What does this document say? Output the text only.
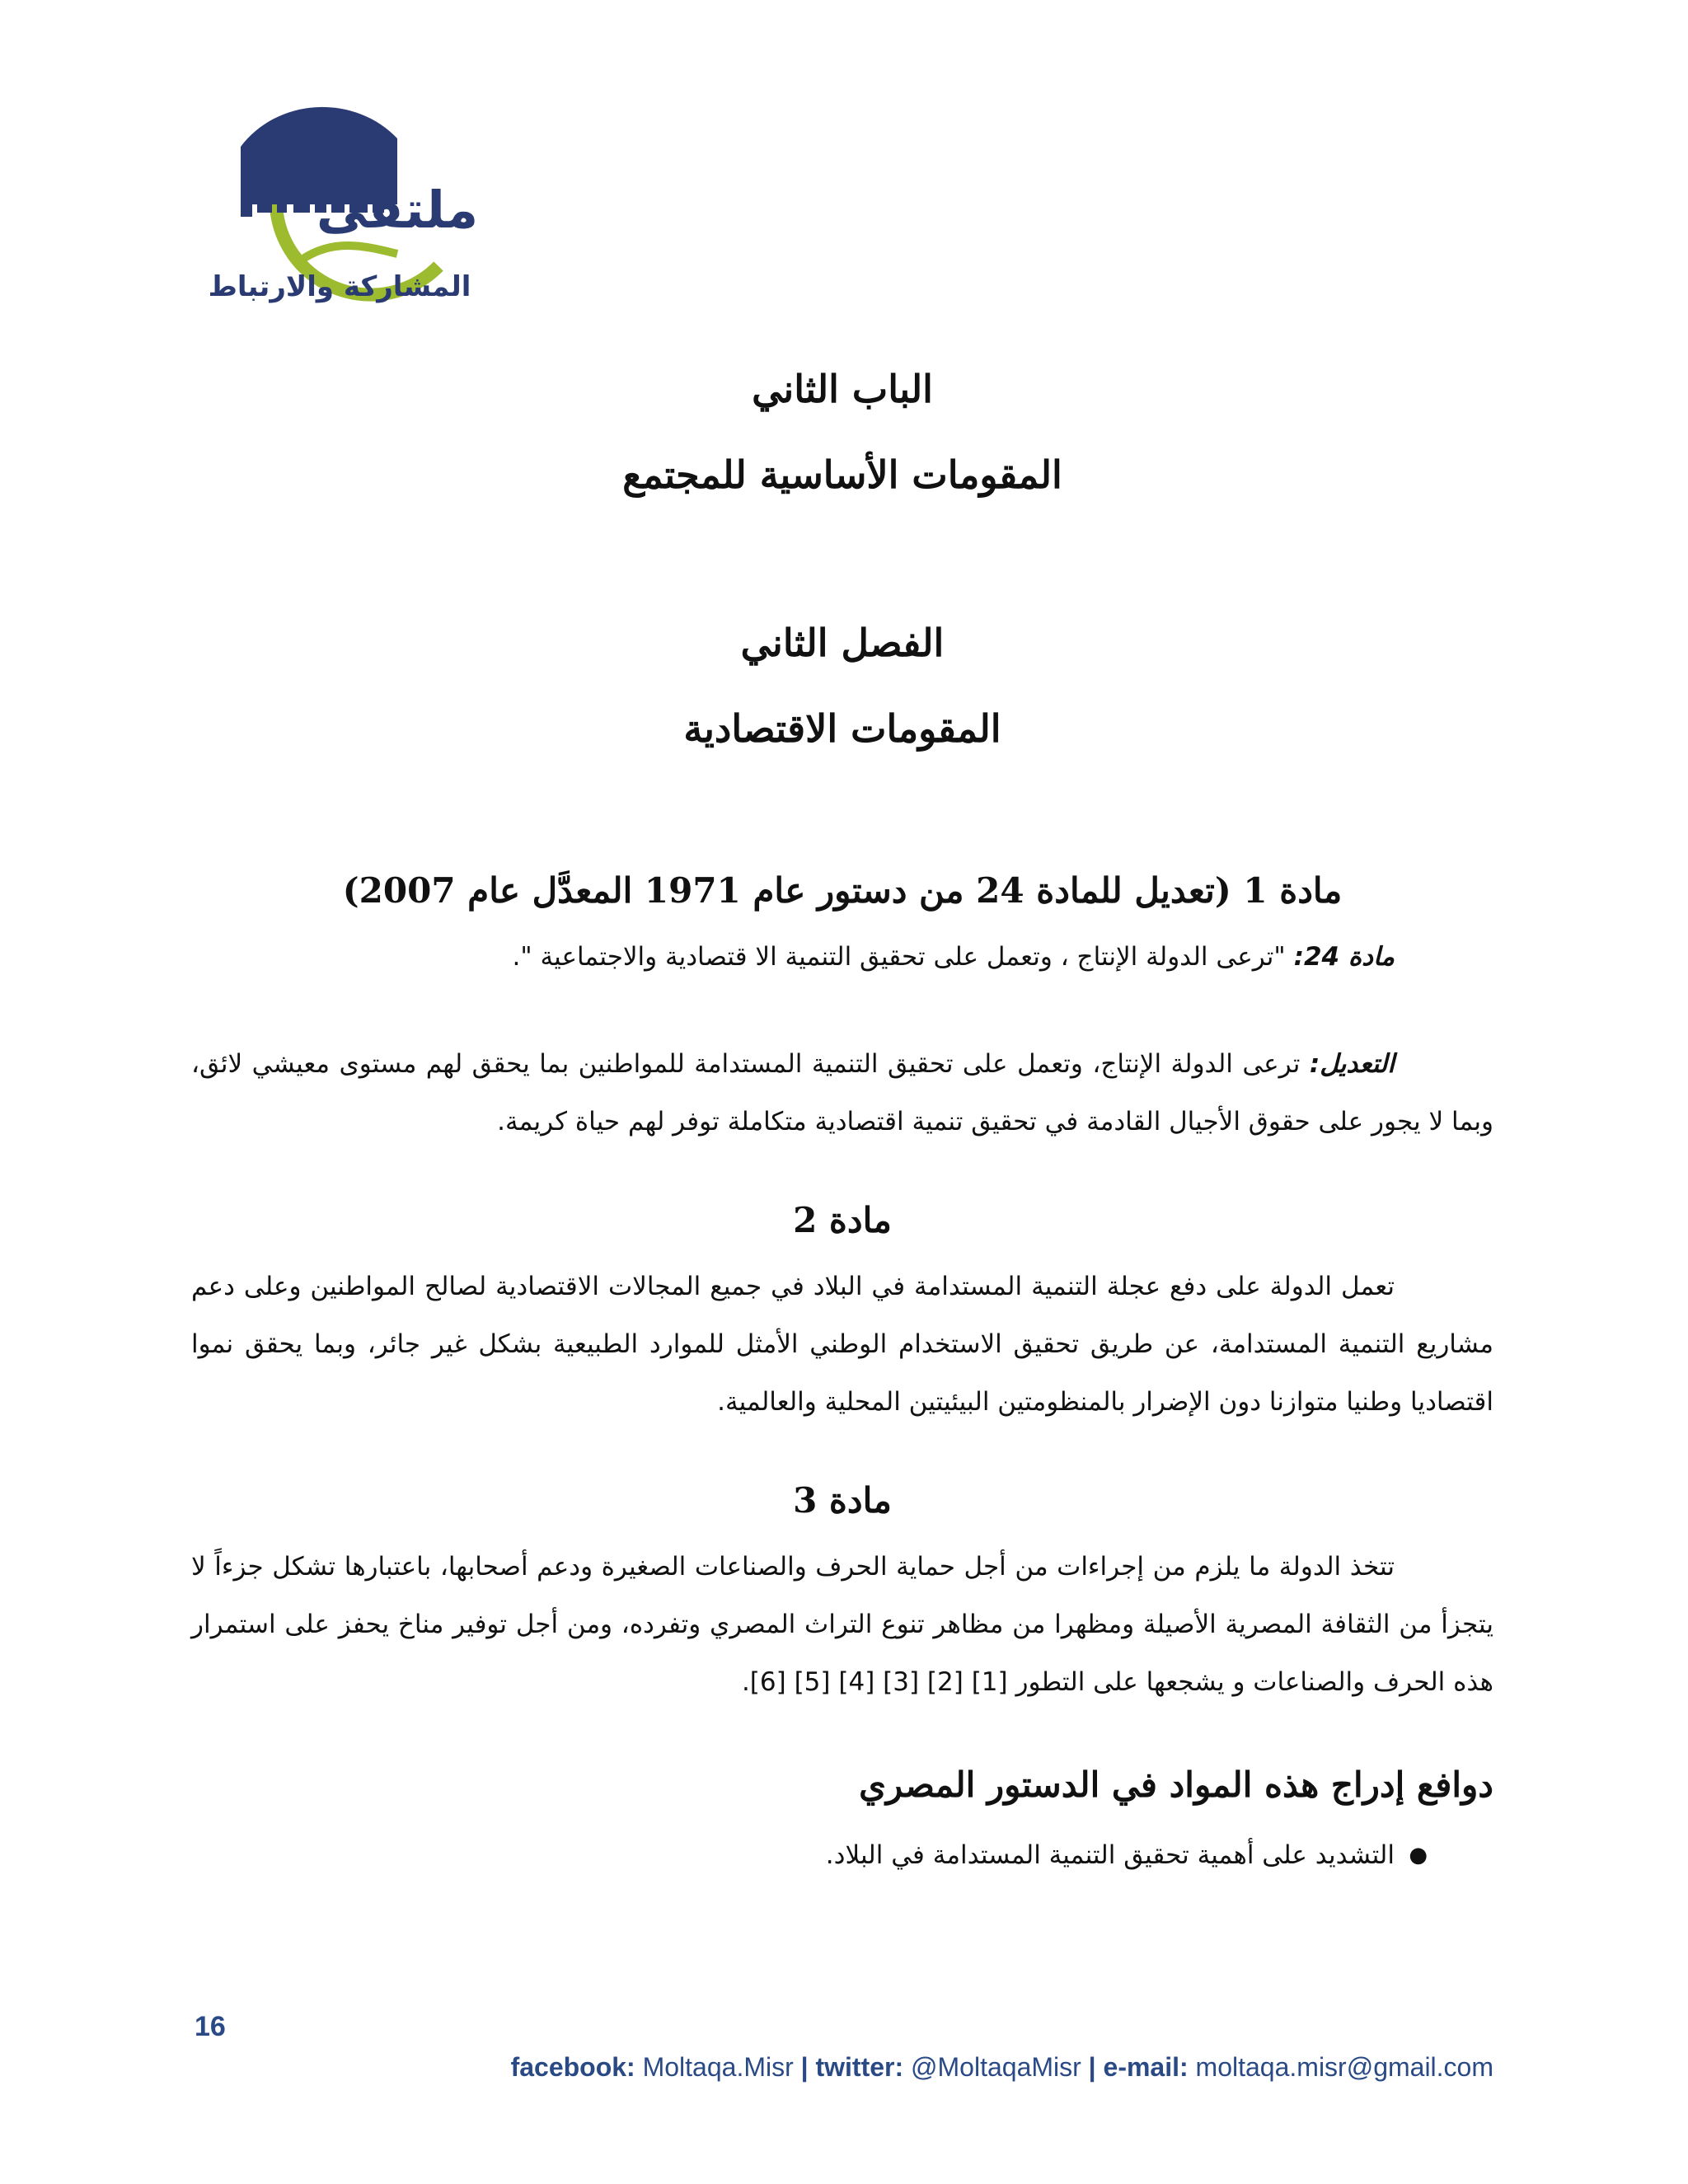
ملتقى
المشاركة والارتباط
الباب الثاني
المقومات الأساسية للمجتمع
الفصل الثاني
المقومات الاقتصادية
مادة 1 (تعديل للمادة 24 من دستور عام 1971 المعدَّل عام 2007)

مادة 24: "ترعى الدولة الإنتاج ، وتعمل على تحقيق التنمية الا قتصادية والاجتماعية ".

التعديل: ترعى الدولة الإنتاج، وتعمل على تحقيق التنمية المستدامة للمواطنين بما يحقق لهم مستوى معيشي لائق، وبما لا يجور على حقوق الأجيال القادمة في تحقيق تنمية اقتصادية متكاملة توفر لهم حياة كريمة.

مادة 2

تعمل الدولة على دفع عجلة التنمية المستدامة في البلاد في جميع المجالات الاقتصادية لصالح المواطنين وعلى دعم مشاريع التنمية المستدامة، عن طريق تحقيق الاستخدام الوطني الأمثل للموارد الطبيعية بشكل غير جائر، وبما يحقق نموا اقتصاديا وطنيا متوازنا دون الإضرار بالمنظومتين البيئيتين المحلية والعالمية.

مادة 3

تتخذ الدولة ما يلزم من إجراءات من أجل حماية الحرف والصناعات الصغيرة ودعم أصحابها، باعتبارها تشكل جزءاً لا يتجزأ من الثقافة المصرية الأصيلة ومظهرا من مظاهر تنوع التراث المصري وتفرده، ومن أجل توفير مناخ يحفز على استمرار هذه الحرف والصناعات و يشجعها على التطور [1] [2] [3] [4] [5] [6].

دوافع إدراج هذه المواد في الدستور المصري
●
التشديد على أهمية تحقيق التنمية المستدامة في البلاد.
16
facebook: Moltaqa.Misr | twitter: @MoltaqaMisr | e-mail: moltaqa.misr@gmail.com
